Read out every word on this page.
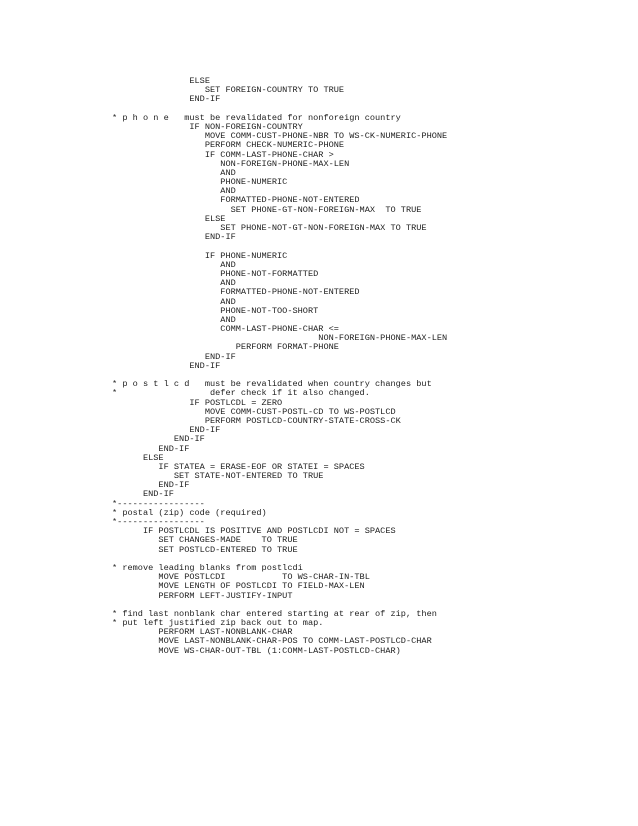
ELSE
SET FOREIGN-COUNTRY TO TRUE
END-IF

* p h o n e   must be revalidated for nonforeign country
IF NON-FOREIGN-COUNTRY
MOVE COMM-CUST-PHONE-NBR TO WS-CK-NUMERIC-PHONE
PERFORM CHECK-NUMERIC-PHONE
IF COMM-LAST-PHONE-CHAR >
NON-FOREIGN-PHONE-MAX-LEN
AND
PHONE-NUMERIC
AND
FORMATTED-PHONE-NOT-ENTERED
SET PHONE-GT-NON-FOREIGN-MAX  TO TRUE
ELSE
SET PHONE-NOT-GT-NON-FOREIGN-MAX TO TRUE
END-IF

IF PHONE-NUMERIC
AND
PHONE-NOT-FORMATTED
AND
FORMATTED-PHONE-NOT-ENTERED
AND
PHONE-NOT-TOO-SHORT
AND
COMM-LAST-PHONE-CHAR <=
NON-FOREIGN-PHONE-MAX-LEN
PERFORM FORMAT-PHONE
END-IF
END-IF

* p o s t l c d   must be revalidated when country changes but
*                  defer check if it also changed.
IF POSTLCDL = ZERO
MOVE COMM-CUST-POSTL-CD TO WS-POSTLCD
PERFORM POSTLCD-COUNTRY-STATE-CROSS-CK
END-IF
END-IF
END-IF
ELSE
IF STATEA = ERASE-EOF OR STATEI = SPACES
SET STATE-NOT-ENTERED TO TRUE
END-IF
END-IF
*-----------------
* postal (zip) code (required)
*-----------------
IF POSTLCDL IS POSITIVE AND POSTLCDI NOT = SPACES
SET CHANGES-MADE    TO TRUE
SET POSTLCD-ENTERED TO TRUE

* remove leading blanks from postlcdi
MOVE POSTLCDI           TO WS-CHAR-IN-TBL
MOVE LENGTH OF POSTLCDI TO FIELD-MAX-LEN
PERFORM LEFT-JUSTIFY-INPUT

* find last nonblank char entered starting at rear of zip, then
* put left justified zip back out to map.
PERFORM LAST-NONBLANK-CHAR
MOVE LAST-NONBLANK-CHAR-POS TO COMM-LAST-POSTLCD-CHAR
MOVE WS-CHAR-OUT-TBL (1:COMM-LAST-POSTLCD-CHAR)
